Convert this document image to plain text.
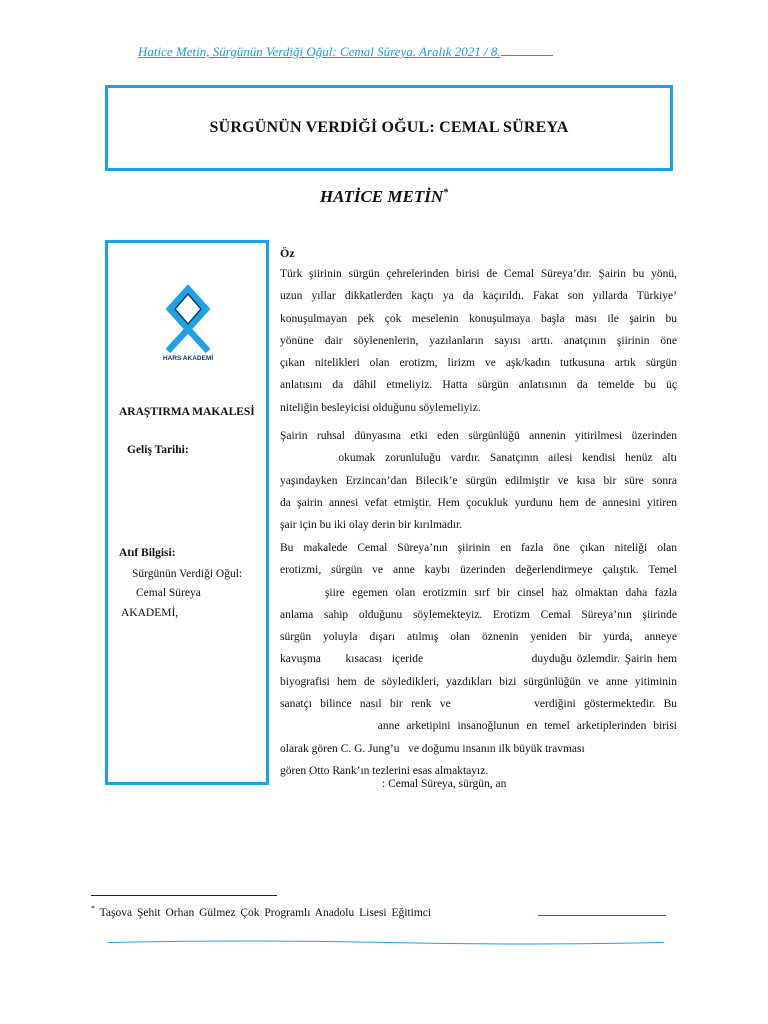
Hatice Metin, Sürgünün Verdiği Oğul: Cemal Süreya. Aralık 2021 / 8.
SÜRGÜNÜN VERDİĞİ OĞUL: CEMAL SÜREYA
HATİCE METİN*
HARS AKADEMİ
ARAŞTIRMA MAKALESİ
Geliş Tarihi:
Atıf Bilgisi:
Sürgünün Verdiği Oğul:
Cemal Süreya
AKADEMİ,
Öz
Türk şiirinin sürgün çehrelerinden birisi de Cemal Süreya’dır. Şairin bu yönü,
uzun yıllar dikkatlerden kaçtı ya da kaçırıldı. Fakat son yıllarda Türkiye’
konuşulmayan pek çok meselenin konuşulmaya başla ması ile şairin bu
yönüne dair söylenenlerin, yazılanların sayısı arttı. anatçının şiirinin öne
çıkan nitelikleri olan erotizm, lirizm ve aşk/kadın tutkusuna artık sürgün
anlatısını da dâhil etmeliyiz. Hatta sürgün anlatısının da temelde bu üç
niteliğin besleyicisi olduğunu söylemeliyiz.
Şairin ruhsal dünyasına etki eden sürgünlüğü annenin yitirilmesi üzerinden
okumak zorunluluğu vardır. Sanatçının ailesi kendisi henüz altı
yaşındayken Erzincan’dan Bilecik’e sürgün edilmiştir ve kısa bir süre sonra
da şairin annesi vefat etmiştir. Hem çocukluk yurdunu hem de annesini yitiren
şair için bu iki olay derin bir kırılmadır.
Bu makalede Cemal Süreya’nın şiirinin en fazla öne çıkan niteliği olan
erotizmi, sürgün ve anne kaybı üzerinden değerlendirmeye çalıştık. Temel
şiire egemen olan erotizmin sırf bir cinsel haz olmaktan daha fazla
anlama sahip olduğunu söylemekteyiz. Erotizm Cemal Süreya’nın şiirinde
sürgün yoluyla dışarı atılmış olan öznenin yeniden bir yurda, anneye
kavuşma     kısacası  içeride                      duyduğu özlemdir. Şairin hem
biyografisi hem de söyledikleri, yazdıkları bizi sürgünlüğün ve anne yitiminin
sanatçı bilince nasıl bir renk ve          verdiğini göstermektedir. Bu
anne arketipini insanoğlunun en temel arketiplerinden birisi
olarak gören C. G. Jung’u   ve doğumu insanın ilk büyük travması
gören Otto Rank’ın tezlerini esas almaktayız.
: Cemal Süreya, sürgün, an
* Taşova Şehit Orhan Gülmez Çok Programlı Anadolu Lisesi Eğitimci
